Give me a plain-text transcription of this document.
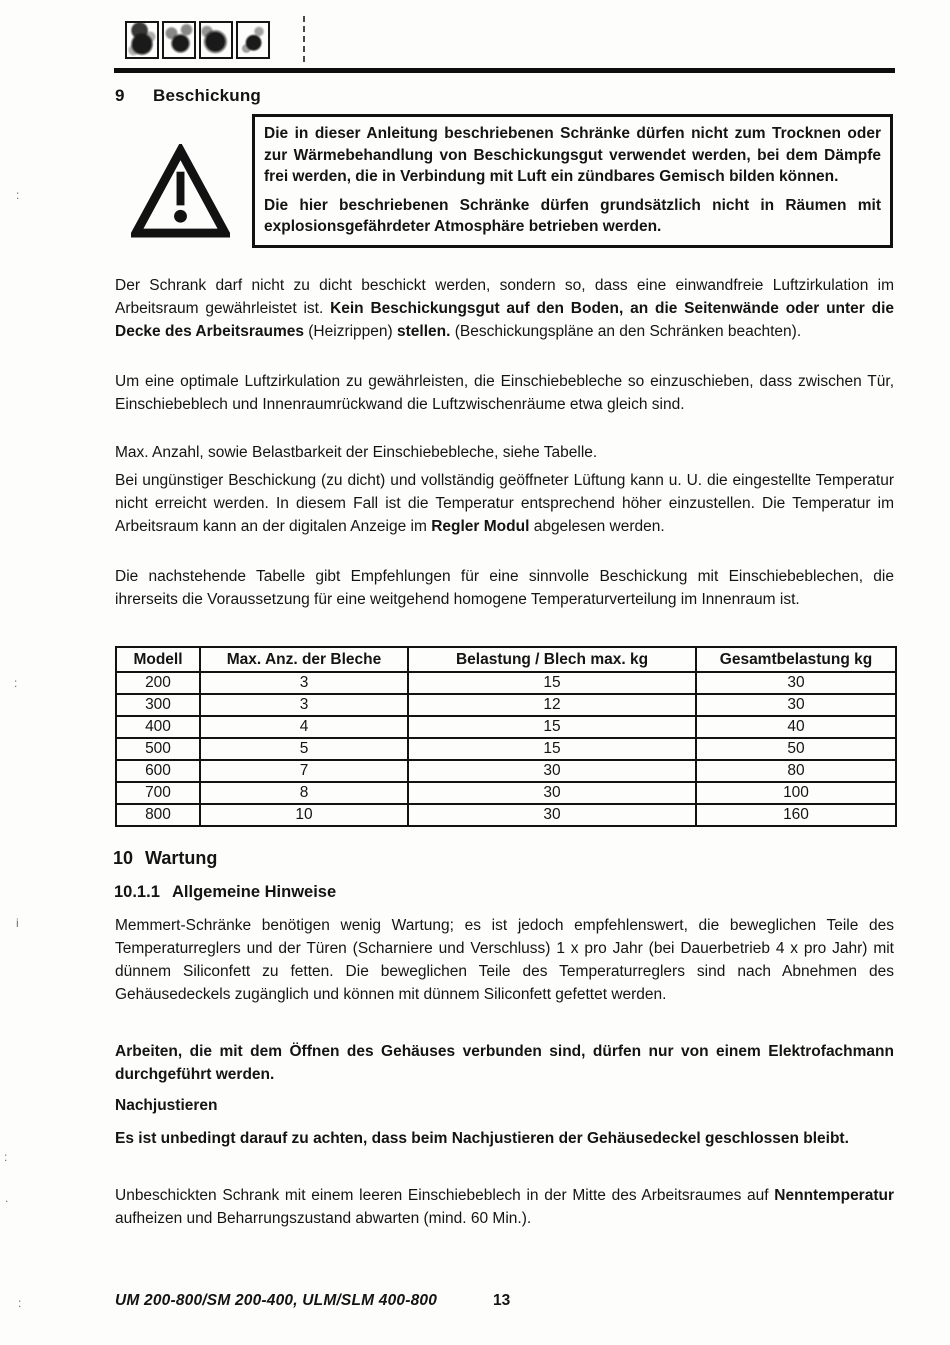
9 Beschickung

Die in dieser Anleitung beschriebenen Schränke dürfen nicht zum Trocknen oder zur Wärmebehandlung von Beschickungsgut verwendet werden, bei dem Dämpfe frei werden, die in Verbindung mit Luft ein zündbares Gemisch bilden können.

Die hier beschriebenen Schränke dürfen grundsätzlich nicht in Räumen mit explosionsgefährdeter Atmosphäre betrieben werden.

Der Schrank darf nicht zu dicht beschickt werden, sondern so, dass eine einwandfreie Luftzirkulation im Arbeitsraum gewährleistet ist. Kein Beschickungsgut auf den Boden, an die Seitenwände oder unter die Decke des Arbeitsraumes (Heizrippen) stellen. (Beschickungspläne an den Schränken beachten).
Um eine optimale Luftzirkulation zu gewährleisten, die Einschiebebleche so einzuschieben, dass zwischen Tür, Einschiebeblech und Innenraumrückwand die Luftzwischenräume etwa gleich sind.
Max. Anzahl, sowie Belastbarkeit der Einschiebebleche, siehe Tabelle.
Bei ungünstiger Beschickung (zu dicht) und vollständig geöffneter Lüftung kann u. U. die eingestellte Temperatur nicht erreicht werden. In diesem Fall ist die Temperatur entsprechend höher einzustellen. Die Temperatur im Arbeitsraum kann an der digitalen Anzeige im Regler Modul abgelesen werden.
Die nachstehende Tabelle gibt Empfehlungen für eine sinnvolle Beschickung mit Einschiebeblechen, die ihrerseits die Voraussetzung für eine weitgehend homogene Temperaturverteilung im Innenraum ist.
Modell	Max. Anz. der Bleche	Belastung / Blech max. kg	Gesamtbelastung kg
200	3	15	30
300	3	12	30
400	4	15	40
500	5	15	50
600	7	30	80
700	8	30	100
800	10	30	160
10 Wartung
10.1.1 Allgemeine Hinweise
Memmert-Schränke benötigen wenig Wartung; es ist jedoch empfehlenswert, die beweglichen Teile des Temperaturreglers und der Türen (Scharniere und Verschluss) 1 x pro Jahr (bei Dauerbetrieb 4 x pro Jahr) mit dünnem Siliconfett zu fetten. Die beweglichen Teile des Temperaturreglers sind nach Abnehmen des Gehäusedeckels zugänglich und können mit dünnem Siliconfett gefettet werden.
Arbeiten, die mit dem Öffnen des Gehäuses verbunden sind, dürfen nur von einem Elektrofachmann durchgeführt werden.
Nachjustieren
Es ist unbedingt darauf zu achten, dass beim Nachjustieren der Gehäusedeckel geschlossen bleibt.
Unbeschickten Schrank mit einem leeren Einschiebeblech in der Mitte des Arbeitsraumes auf Nenntemperatur aufheizen und Beharrungszustand abwarten (mind. 60 Min.).
UM 200-800/SM 200-400, ULM/SLM 400-800	13
:
:
i
:
.
:
